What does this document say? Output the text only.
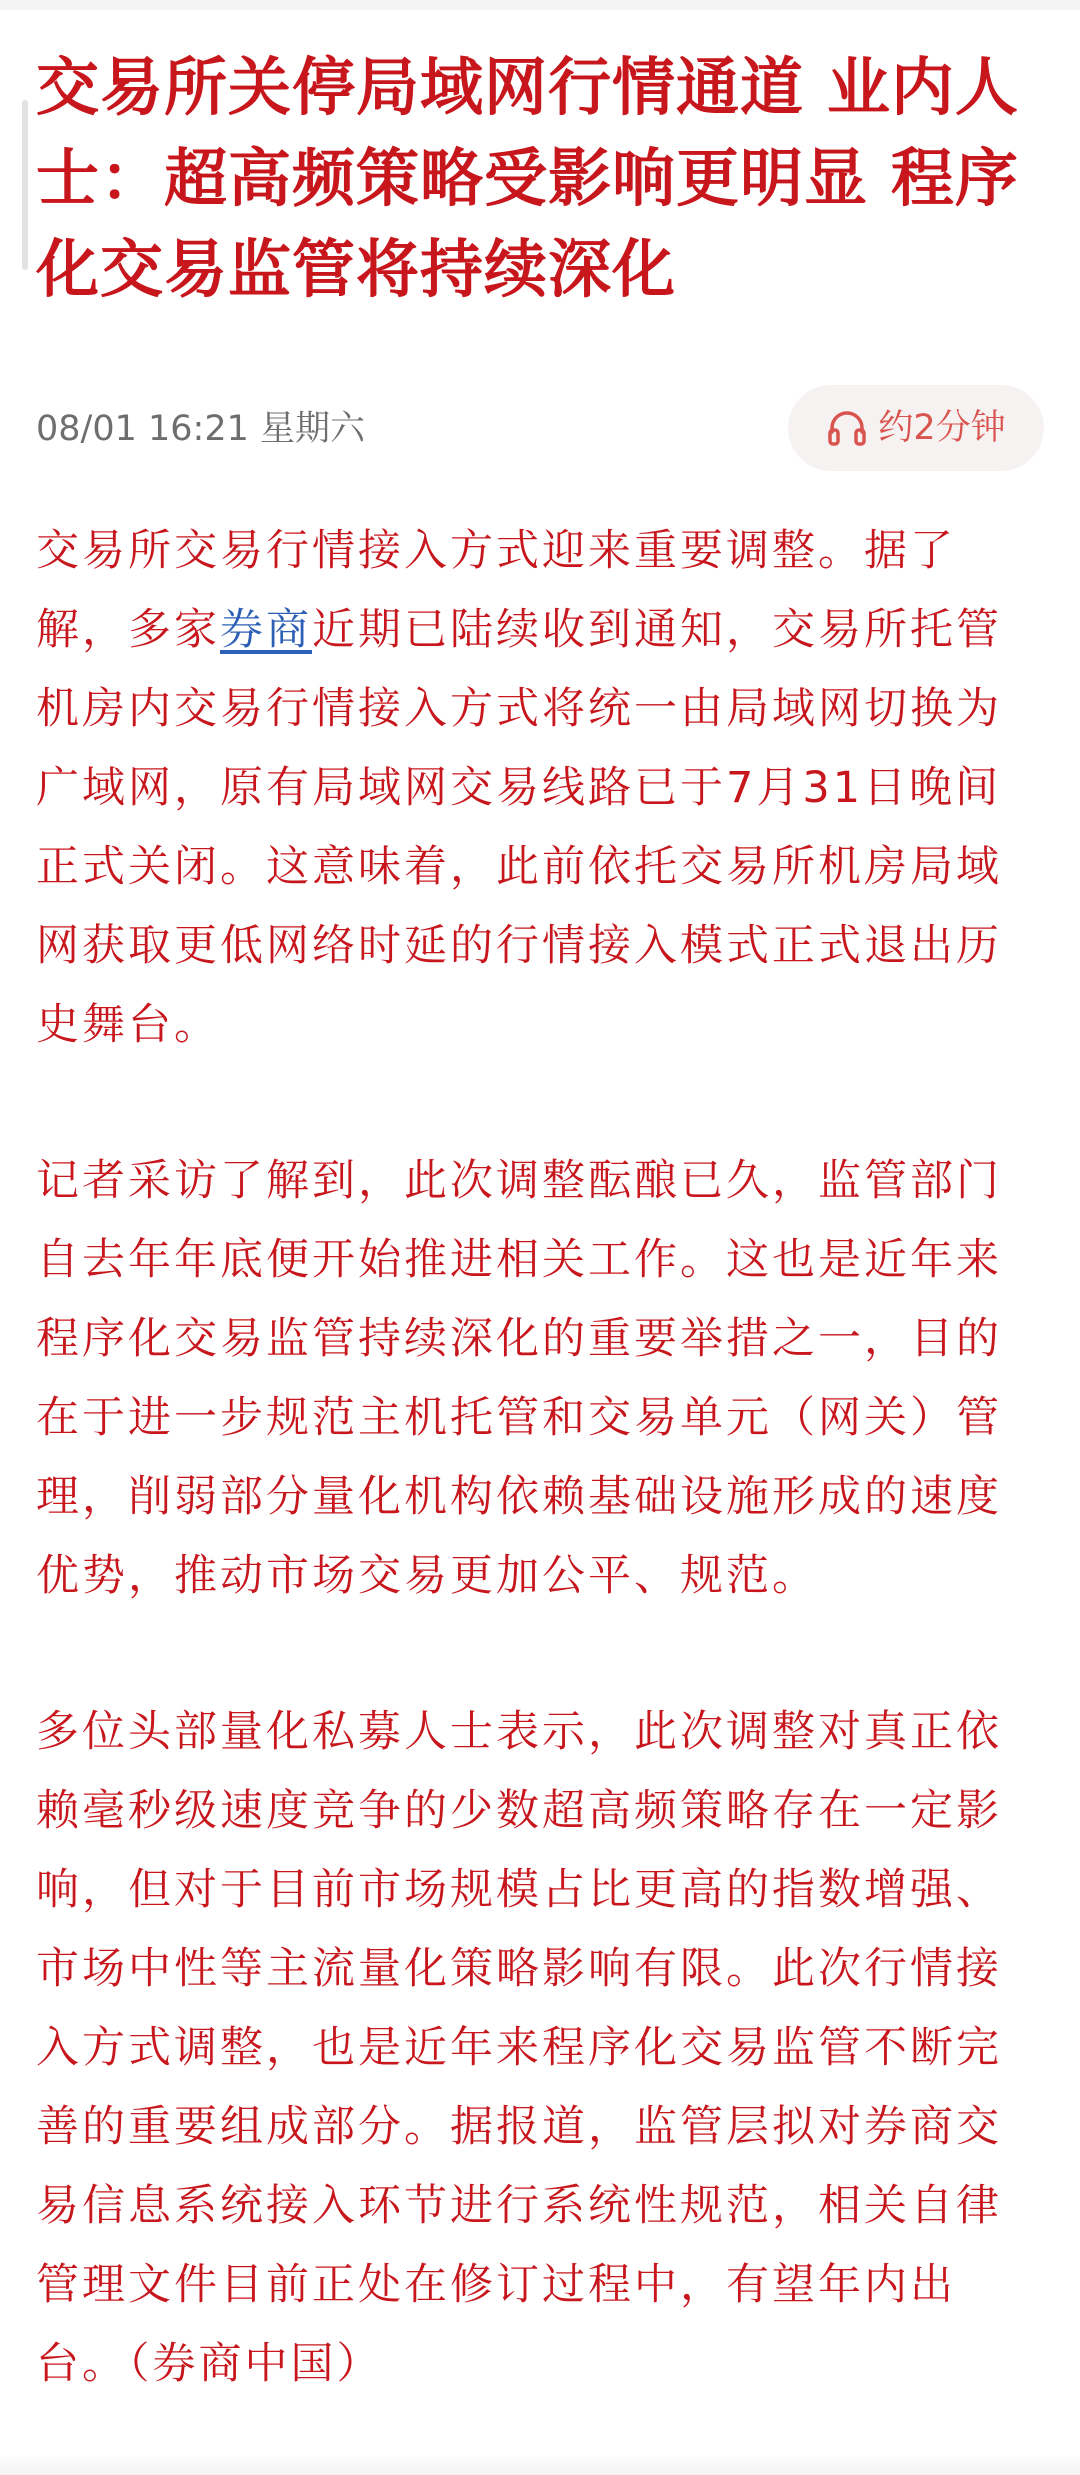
交易所关停局域网行情通道 业内人士：超高频策略受影响更明显 程序化交易监管将持续深化
08/01 16:21 星期六	约2分钟

交易所交易行情接入方式迎来重要调整。据了解，多家券商近期已陆续收到通知，交易所托管机房内交易行情接入方式将统一由局域网切换为广域网，原有局域网交易线路已于7月31日晚间正式关闭。这意味着，此前依托交易所机房局域网获取更低网络时延的行情接入模式正式退出历史舞台。

记者采访了解到，此次调整酝酿已久，监管部门自去年年底便开始推进相关工作。这也是近年来程序化交易监管持续深化的重要举措之一，目的在于进一步规范主机托管和交易单元（网关）管理，削弱部分量化机构依赖基础设施形成的速度优势，推动市场交易更加公平、规范。

多位头部量化私募人士表示，此次调整对真正依赖毫秒级速度竞争的少数超高频策略存在一定影响，但对于目前市场规模占比更高的指数增强、市场中性等主流量化策略影响有限。此次行情接入方式调整，也是近年来程序化交易监管不断完善的重要组成部分。据报道，监管层拟对券商交易信息系统接入环节进行系统性规范，相关自律管理文件目前正处在修订过程中，有望年内出台。（券商中国）
